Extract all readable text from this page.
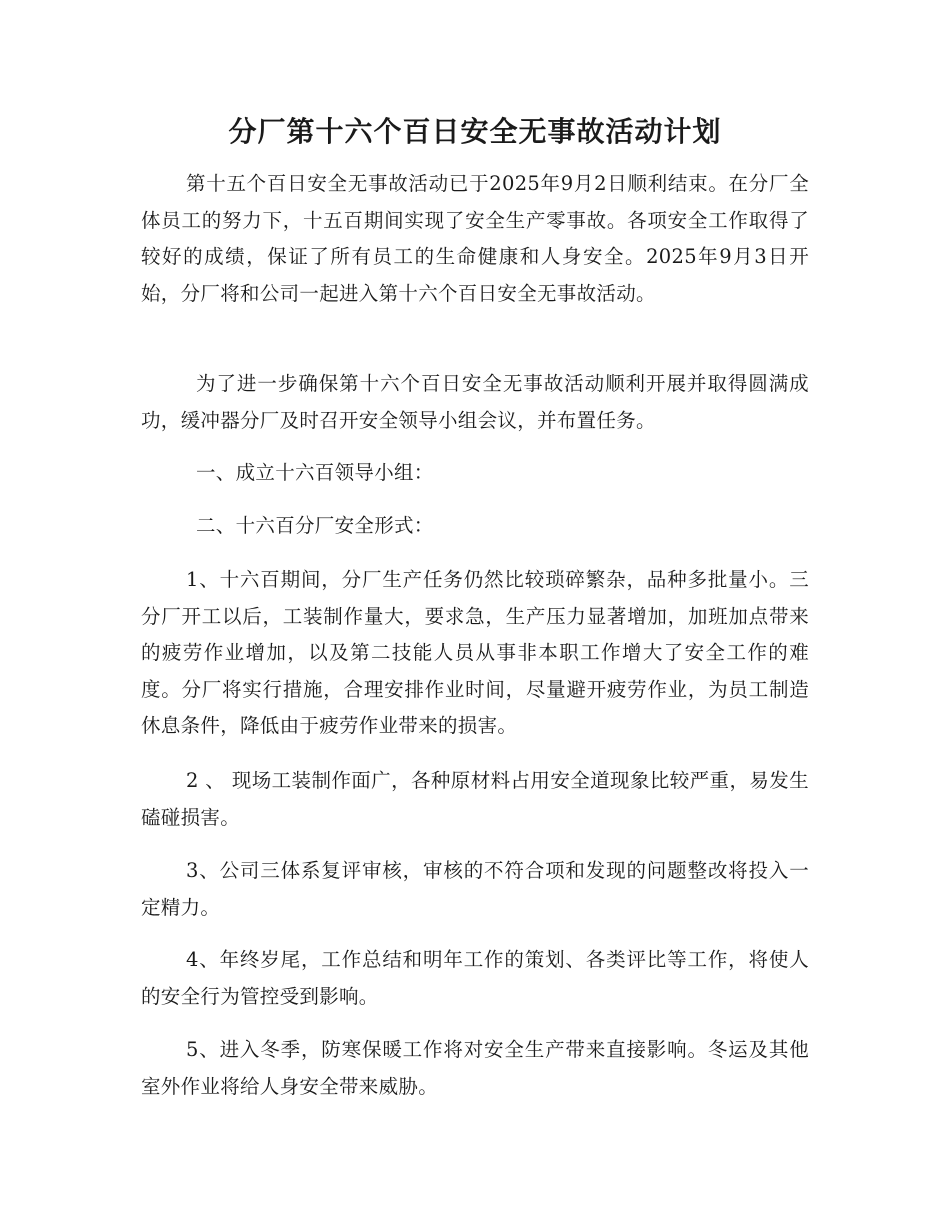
分厂第十六个百日安全无事故活动计划

第十五个百日安全无事故活动已于2025年9月2日顺利结束。在分厂全体员工的努力下，十五百期间实现了安全生产零事故。各项安全工作取得了较好的成绩，保证了所有员工的生命健康和人身安全。2025年9月3日开始，分厂将和公司一起进入第十六个百日安全无事故活动。

为了进一步确保第十六个百日安全无事故活动顺利开展并取得圆满成功，缓冲器分厂及时召开安全领导小组会议，并布置任务。

一、成立十六百领导小组：

二、十六百分厂安全形式：

1、十六百期间，分厂生产任务仍然比较琐碎繁杂，品种多批量小。三分厂开工以后，工装制作量大，要求急，生产压力显著增加，加班加点带来的疲劳作业增加，以及第二技能人员从事非本职工作增大了安全工作的难度。分厂将实行措施，合理安排作业时间，尽量避开疲劳作业，为员工制造休息条件，降低由于疲劳作业带来的损害。

2 、 现场工装制作面广，各种原材料占用安全道现象比较严重，易发生磕碰损害。

3、公司三体系复评审核，审核的不符合项和发现的问题整改将投入一定精力。

4、年终岁尾，工作总结和明年工作的策划、各类评比等工作，将使人的安全行为管控受到影响。

5、进入冬季，防寒保暖工作将对安全生产带来直接影响。冬运及其他室外作业将给人身安全带来威胁。
